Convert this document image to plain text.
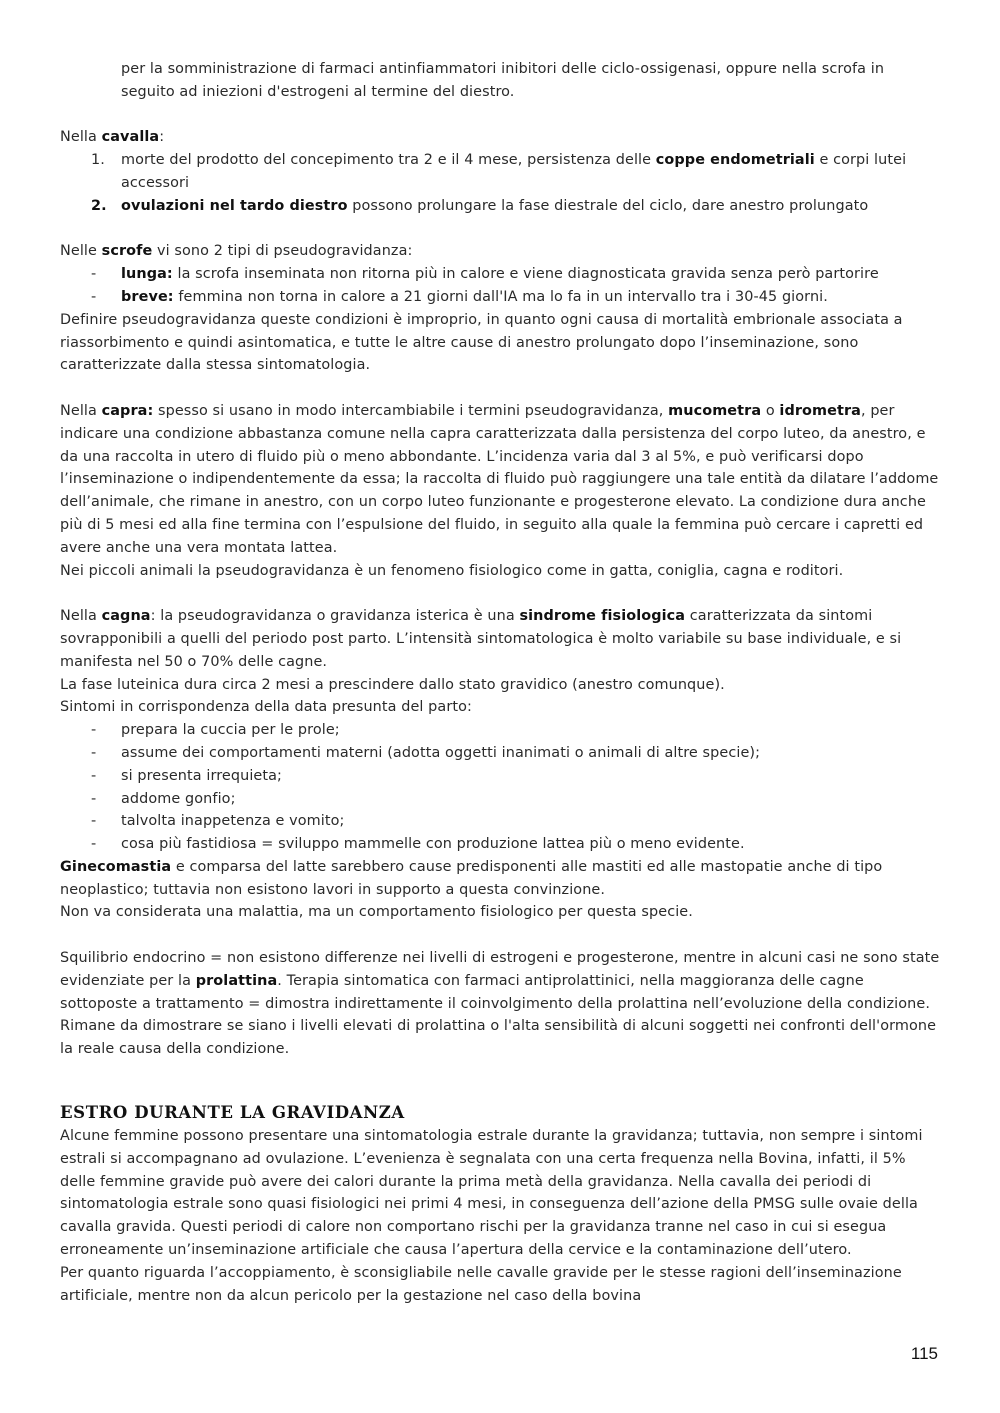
per la somministrazione di farmaci antinfiammatori inibitori delle ciclo-ossigenasi, oppure nella scrofa in seguito ad iniezioni d'estrogeni al termine del diestro.

Nella cavalla:

1. morte del prodotto del concepimento tra 2 e il 4 mese, persistenza delle coppe endometriali e corpi lutei accessori

2. ovulazioni nel tardo diestro possono prolungare la fase diestrale del ciclo, dare anestro prolungato

Nelle scrofe vi sono 2 tipi di pseudogravidanza:

- lunga: la scrofa inseminata non ritorna più in calore e viene diagnosticata gravida senza però partorire

- breve: femmina non torna in calore a 21 giorni dall'IA ma lo fa in un intervallo tra i 30-45 giorni.

Definire pseudogravidanza queste condizioni è improprio, in quanto ogni causa di mortalità embrionale associata a riassorbimento e quindi asintomatica, e tutte le altre cause di anestro prolungato dopo l’inseminazione, sono caratterizzate dalla stessa sintomatologia.

Nella capra: spesso si usano in modo intercambiabile i termini pseudogravidanza, mucometra o idrometra, per indicare una condizione abbastanza comune nella capra caratterizzata dalla persistenza del corpo luteo, da anestro, e da una raccolta in utero di fluido più o meno abbondante. L’incidenza varia dal 3 al 5%, e può verificarsi dopo l’inseminazione o indipendentemente da essa; la raccolta di fluido può raggiungere una tale entità da dilatare l’addome dell’animale, che rimane in anestro, con un corpo luteo funzionante e progesterone elevato. La condizione dura anche più di 5 mesi ed alla fine termina con l’espulsione del fluido, in seguito alla quale la femmina può cercare i capretti ed avere anche una vera montata lattea.

Nei piccoli animali la pseudogravidanza è un fenomeno fisiologico come in gatta, coniglia, cagna e roditori.

Nella cagna: la pseudogravidanza o gravidanza isterica è una sindrome fisiologica caratterizzata da sintomi sovrapponibili a quelli del periodo post parto. L’intensità sintomatologica è molto variabile su base individuale, e si manifesta nel 50 o 70% delle cagne.

La fase luteinica dura circa 2 mesi a prescindere dallo stato gravidico (anestro comunque).

Sintomi in corrispondenza della data presunta del parto:

- prepara la cuccia per le prole;

- assume dei comportamenti materni (adotta oggetti inanimati o animali di altre specie);

- si presenta irrequieta;

- addome gonfio;

- talvolta inappetenza e vomito;

- cosa più fastidiosa = sviluppo mammelle con produzione lattea più o meno evidente.

Ginecomastia e comparsa del latte sarebbero cause predisponenti alle mastiti ed alle mastopatie anche di tipo neoplastico; tuttavia non esistono lavori in supporto a questa convinzione.

Non va considerata una malattia, ma un comportamento fisiologico per questa specie.

Squilibrio endocrino = non esistono differenze nei livelli di estrogeni e progesterone, mentre in alcuni casi ne sono state evidenziate per la prolattina. Terapia sintomatica con farmaci antiprolattinici, nella maggioranza delle cagne sottoposte a trattamento = dimostra indirettamente il coinvolgimento della prolattina nell’evoluzione della condizione. Rimane da dimostrare se siano i livelli elevati di prolattina o l'alta sensibilità di alcuni soggetti nei confronti dell'ormone la reale causa della condizione.

ESTRO DURANTE LA GRAVIDANZA

Alcune femmine possono presentare una sintomatologia estrale durante la gravidanza; tuttavia, non sempre i sintomi estrali si accompagnano ad ovulazione. L’evenienza è segnalata con una certa frequenza nella Bovina, infatti, il 5% delle femmine gravide può avere dei calori durante la prima metà della gravidanza. Nella cavalla dei periodi di sintomatologia estrale sono quasi fisiologici nei primi 4 mesi, in conseguenza dell’azione della PMSG sulle ovaie della cavalla gravida. Questi periodi di calore non comportano rischi per la gravidanza tranne nel caso in cui si esegua erroneamente un’inseminazione artificiale che causa l’apertura della cervice e la contaminazione dell’utero.

Per quanto riguarda l’accoppiamento, è sconsigliabile nelle cavalle gravide per le stesse ragioni dell’inseminazione artificiale, mentre non da alcun pericolo per la gestazione nel caso della bovina

115
